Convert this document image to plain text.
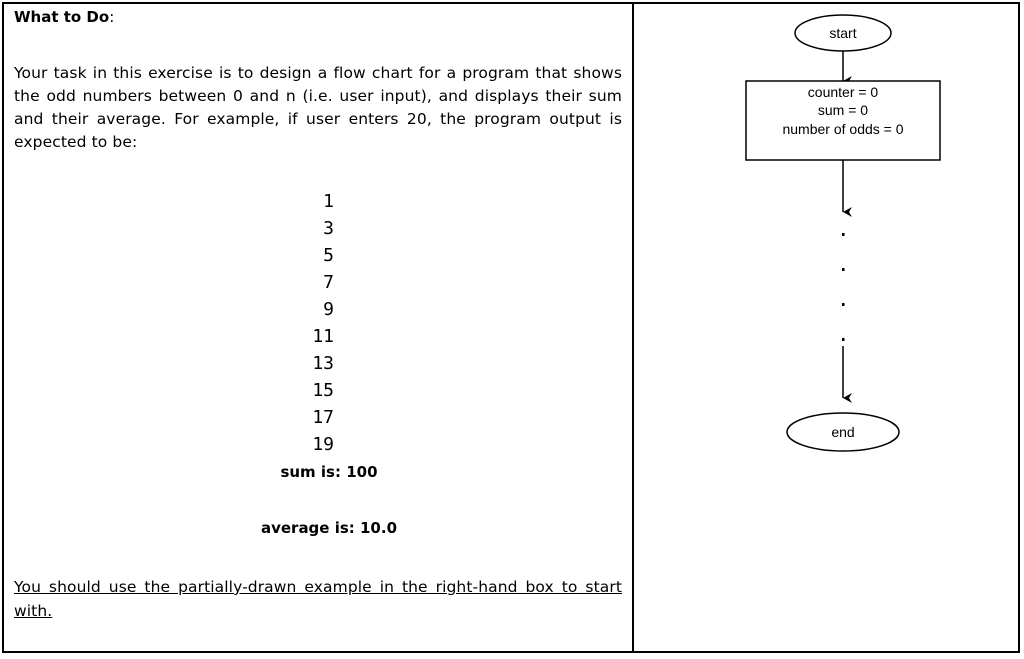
What to Do:
Your task in this exercise is to design a flow chart for a program that shows the odd numbers between 0 and n (i.e. user input), and displays their sum and their average. For example, if user enters 20, the program output is expected to be:
1
3
5
7
9
11
13
15
17
19
sum is: 100
average is: 10.0
You should use the partially-drawn example in the right-hand box to start with.
start
counter = 0
sum = 0
number of odds = 0
end
